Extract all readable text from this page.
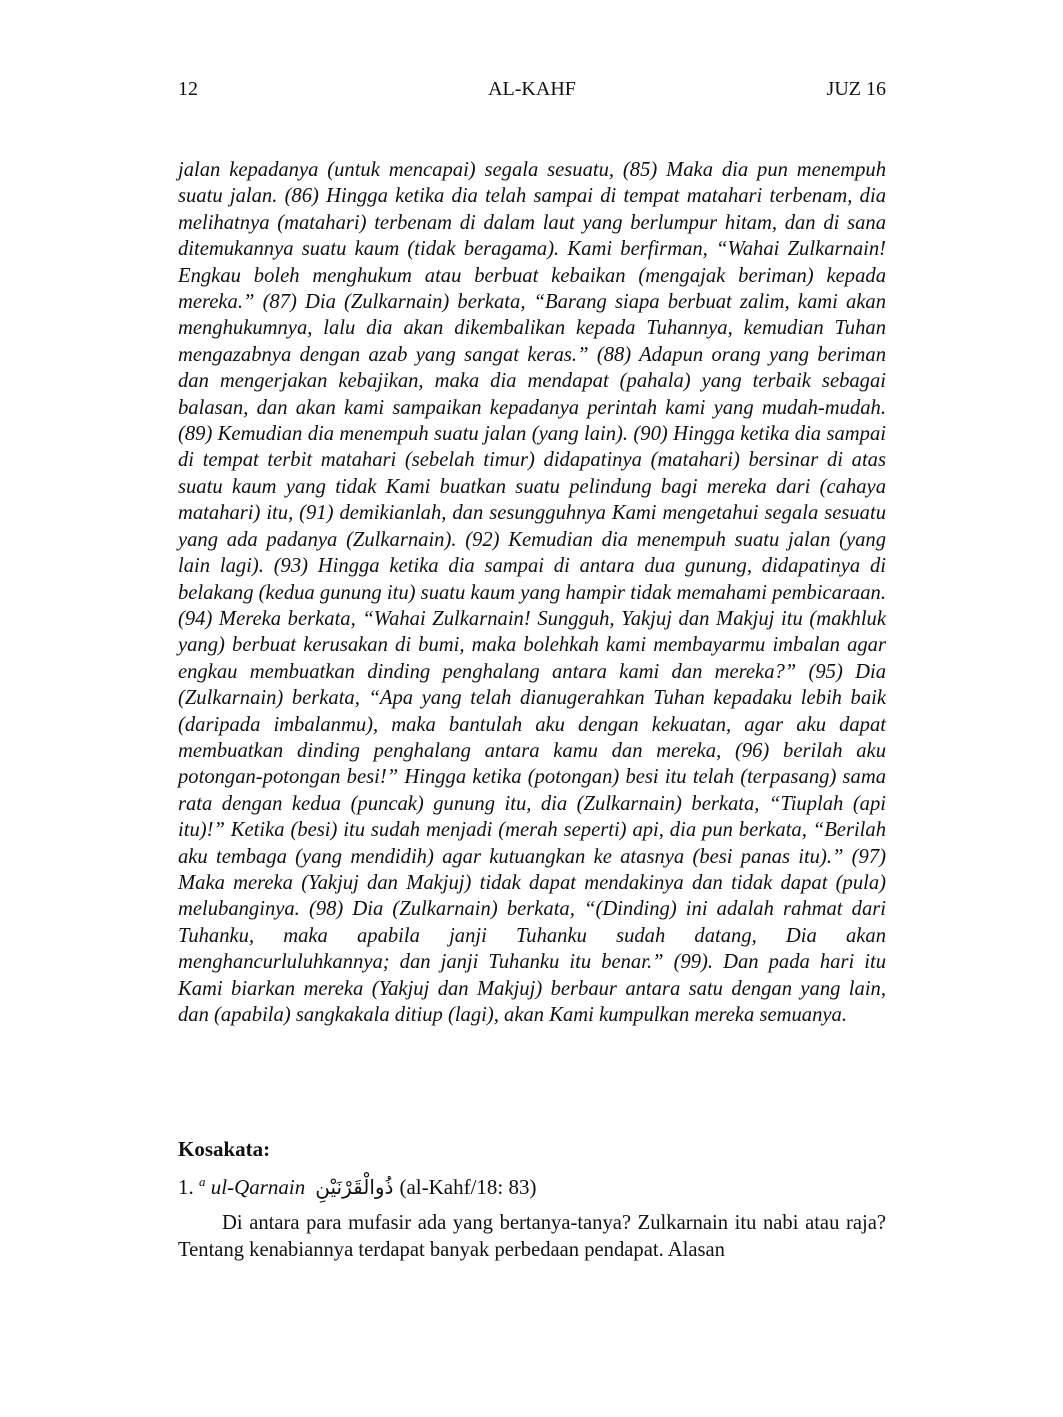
12	AL-KAHF	JUZ 16

jalan kepadanya (untuk mencapai) segala sesuatu, (85) Maka dia pun menempuh suatu jalan. (86) Hingga ketika dia telah sampai di tempat matahari terbenam, dia melihatnya (matahari) terbenam di dalam laut yang berlumpur hitam, dan di sana ditemukannya suatu kaum (tidak beragama). Kami berfirman, “Wahai Zulkarnain! Engkau boleh menghukum atau berbuat kebaikan (mengajak beriman) kepada mereka.” (87) Dia (Zulkarnain) berkata, “Barang siapa berbuat zalim, kami akan menghukumnya, lalu dia akan dikembalikan kepada Tuhannya, kemudian Tuhan mengazabnya dengan azab yang sangat keras.” (88) Adapun orang yang beriman dan mengerjakan kebajikan, maka dia mendapat (pahala) yang terbaik sebagai balasan, dan akan kami sampaikan kepadanya perintah kami yang mudah-mudah. (89) Kemudian dia menempuh suatu jalan (yang lain). (90) Hingga ketika dia sampai di tempat terbit matahari (sebelah timur) didapatinya (matahari) bersinar di atas suatu kaum yang tidak Kami buatkan suatu pelindung bagi mereka dari (cahaya matahari) itu, (91) demikianlah, dan sesungguhnya Kami mengetahui segala sesuatu yang ada padanya (Zulkarnain). (92) Kemudian dia menempuh suatu jalan (yang lain lagi). (93) Hingga ketika dia sampai di antara dua gunung, didapatinya di belakang (kedua gunung itu) suatu kaum yang hampir tidak memahami pembicaraan. (94) Mereka berkata, “Wahai Zulkarnain! Sungguh, Yakjuj dan Makjuj itu (makhluk yang) berbuat kerusakan di bumi, maka bolehkah kami membayarmu imbalan agar engkau membuatkan dinding penghalang antara kami dan mereka?” (95) Dia (Zulkarnain) berkata, “Apa yang telah dianugerahkan Tuhan kepadaku lebih baik (daripada imbalanmu), maka bantulah aku dengan kekuatan, agar aku dapat membuatkan dinding penghalang antara kamu dan mereka, (96) berilah aku potongan-potongan besi!” Hingga ketika (potongan) besi itu telah (terpasang) sama rata dengan kedua (puncak) gunung itu, dia (Zulkarnain) berkata, “Tiuplah (api itu)!” Ketika (besi) itu sudah menjadi (merah seperti) api, dia pun berkata, “Berilah aku tembaga (yang mendidih) agar kutuangkan ke atasnya (besi panas itu).” (97) Maka mereka (Yakjuj dan Makjuj) tidak dapat mendakinya dan tidak dapat (pula) melubanginya. (98) Dia (Zulkarnain) berkata, “(Dinding) ini adalah rahmat dari Tuhanku, maka apabila janji Tuhanku sudah datang, Dia akan menghancurluluhkannya; dan janji Tuhanku itu benar.” (99). Dan pada hari itu Kami biarkan mereka (Yakjuj dan Makjuj) berbaur antara satu dengan yang lain, dan (apabila) sangkakala ditiup (lagi), akan Kami kumpulkan mereka semuanya.

Kosakata:

1. $^a$ ul-Qarnain ذُوالْقَرْنَيْنِ (al-Kahf/18: 83)

Di antara para mufasir ada yang bertanya-tanya? Zulkarnain itu nabi atau raja? Tentang kenabiannya terdapat banyak perbedaan pendapat. Alasan
